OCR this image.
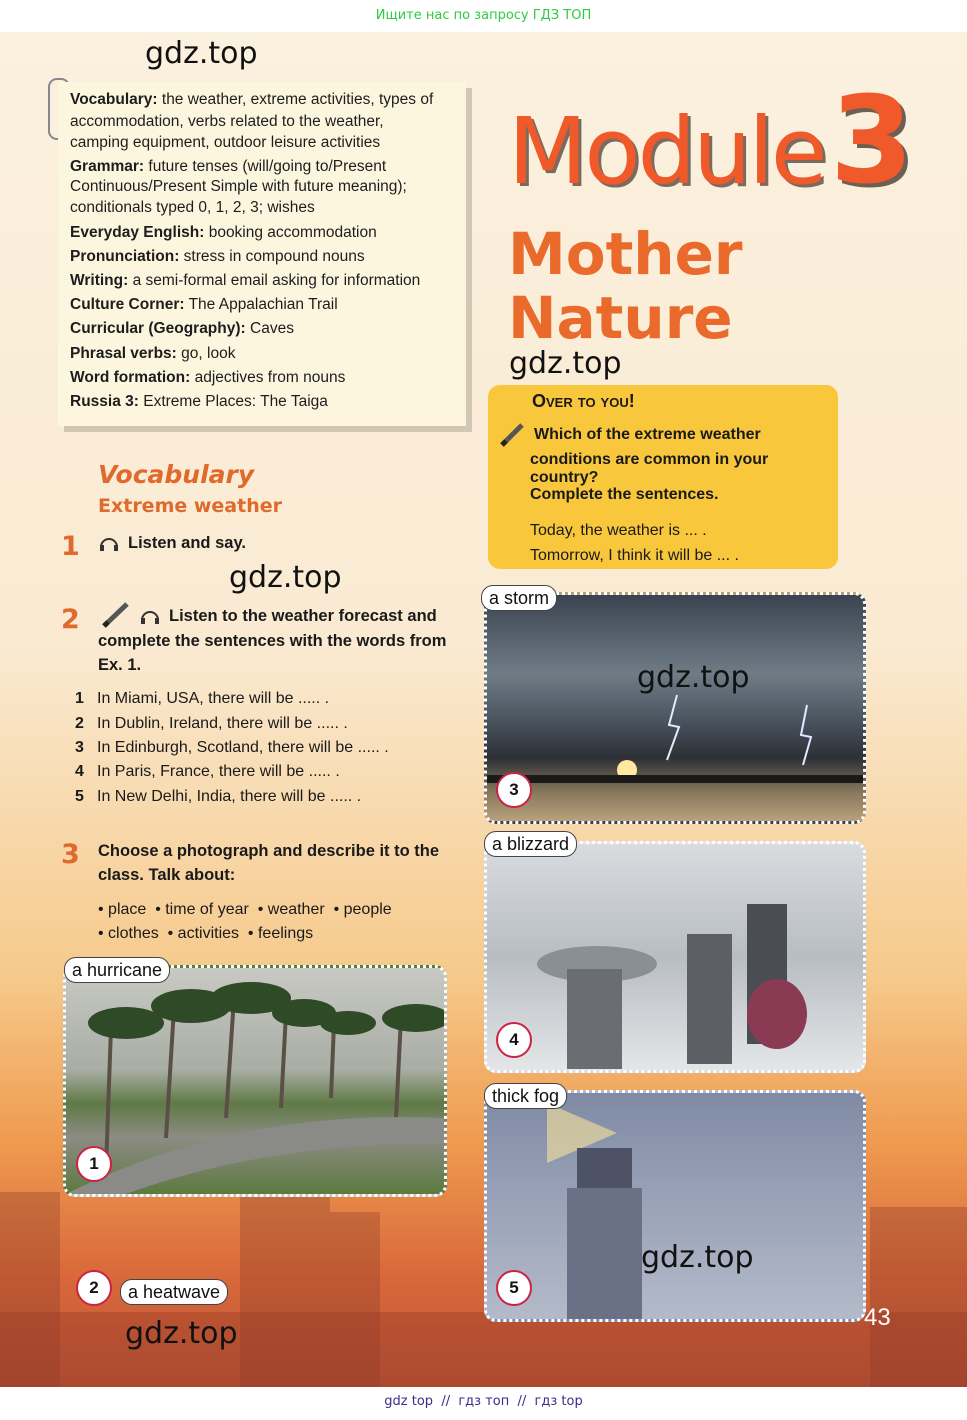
Ищите нас по запросу ГДЗ ТОП
gdz.top
gdz.top
gdz.top
gdz.top
Vocabulary: the weather, extreme activities, types of
accommodation, verbs related to the weather,
camping equipment, outdoor leisure activities
Grammar: future tenses (will/going to/Present
Continuous/Present Simple with future meaning);
conditionals typed 0, 1, 2, 3; wishes
Everyday English: booking accommodation
Pronunciation: stress in compound nouns
Writing: a semi-formal email asking for information
Culture Corner: The Appalachian Trail
Curricular (Geography): Caves
Phrasal verbs: go, look
Word formation: adjectives from nouns
Russia 3: Extreme Places: The Taiga
Module 3
Mother
Nature
Over to you!
Which of the extreme weather
conditions are common in your country?
Complete the sentences.
Today, the weather is ... .
Tomorrow, I think it will be ... .
Vocabulary
Extreme weather
1	Listen and say.
2	Listen to the weather forecast and
complete the sentences with the words from
Ex. 1.
1 In Miami, USA, there will be ..... .
2 In Dublin, Ireland, there will be ..... .
3 In Edinburgh, Scotland, there will be ..... .
4 In Paris, France, there will be ..... .
5 In New Delhi, India, there will be ..... .
3 Choose a photograph and describe it to the
class. Talk about:
• place  • time of year  • weather  • people
• clothes  • activities  • feelings
a hurricane
1
2	a heatwave
a storm
3
gdz.top
a blizzard
4
thick fog
5
gdz.top
43
gdz top  //  гдз топ  //  гдз top
